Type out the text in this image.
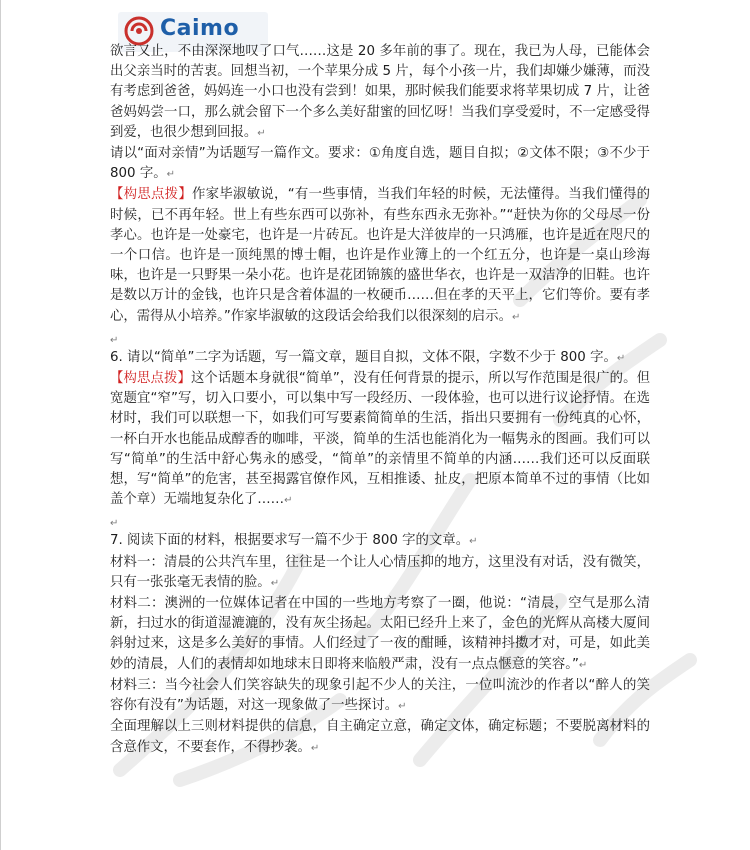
Caimo

欲言又止，不由深深地叹了口气……这是 20 多年前的事了。现在，我已为人母，已能体会出父亲当时的苦衷。回想当初，一个苹果分成 5 片，每个小孩一片，我们却嫌少嫌薄，而没有考虑到爸爸，妈妈连一小口也没有尝到！如果，那时候我们能要求将苹果切成 7 片，让爸爸妈妈尝一口，那么就会留下一个多么美好甜蜜的回忆呀！当我们享受爱时，不一定感受得到爱，也很少想到回报。↵

请以“面对亲情”为话题写一篇作文。要求：①角度自选，题目自拟；②文体不限；③不少于 800 字。↵

【构思点拨】作家毕淑敏说，“有一些事情，当我们年轻的时候，无法懂得。当我们懂得的时候，已不再年轻。世上有些东西可以弥补，有些东西永无弥补。”“赶快为你的父母尽一份孝心。也许是一处豪宅，也许是一片砖瓦。也许是大洋彼岸的一只鸿雁，也许是近在咫尺的一个口信。也许是一顶纯黑的博士帽，也许是作业簿上的一个红五分，也许是一桌山珍海味，也许是一只野果一朵小花。也许是花团锦簇的盛世华衣，也许是一双洁净的旧鞋。也许是数以万计的金钱，也许只是含着体温的一枚硬币……但在孝的天平上，它们等价。要有孝心，需得从小培养。”作家毕淑敏的这段话会给我们以很深刻的启示。↵

↵

6. 请以“简单”二字为话题，写一篇文章，题目自拟，文体不限，字数不少于 800 字。↵

【构思点拨】这个话题本身就很“简单”，没有任何背景的提示，所以写作范围是很广的。但宽题宜“窄”写，切入口要小，可以集中写一段经历、一段体验，也可以进行议论抒情。在选材时，我们可以联想一下，如我们可写要素简简单的生活，指出只要拥有一份纯真的心怀，一杯白开水也能品成醇香的咖啡，平淡，简单的生活也能消化为一幅隽永的图画。我们可以写“简单”的生活中舒心隽永的感受，“简单”的亲情里不简单的内涵……我们还可以反面联想，写“简单”的危害，甚至揭露官僚作风，互相推诿、扯皮，把原本简单不过的事情（比如盖个章）无端地复杂化了……↵

↵

7. 阅读下面的材料，根据要求写一篇不少于 800 字的文章。↵

材料一：清晨的公共汽车里，往往是一个让人心情压抑的地方，这里没有对话，没有微笑，只有一张张毫无表情的脸。↵

材料二：澳洲的一位媒体记者在中国的一些地方考察了一圈，他说：“清晨，空气是那么清新，扫过水的街道湿漉漉的，没有灰尘扬起。太阳已经升上来了，金色的光辉从高楼大厦间斜射过来，这是多么美好的事情。人们经过了一夜的酣睡，该精神抖擞才对，可是，如此美妙的清晨，人们的表情却如地球末日即将来临般严肃，没有一点点惬意的笑容。”↵

材料三：当今社会人们笑容缺失的现象引起不少人的关注，一位叫流沙的作者以“醉人的笑容你有没有”为话题，对这一现象做了一些探讨。↵

全面理解以上三则材料提供的信息，自主确定立意，确定文体，确定标题；不要脱离材料的含意作文，不要套作，不得抄袭。↵
